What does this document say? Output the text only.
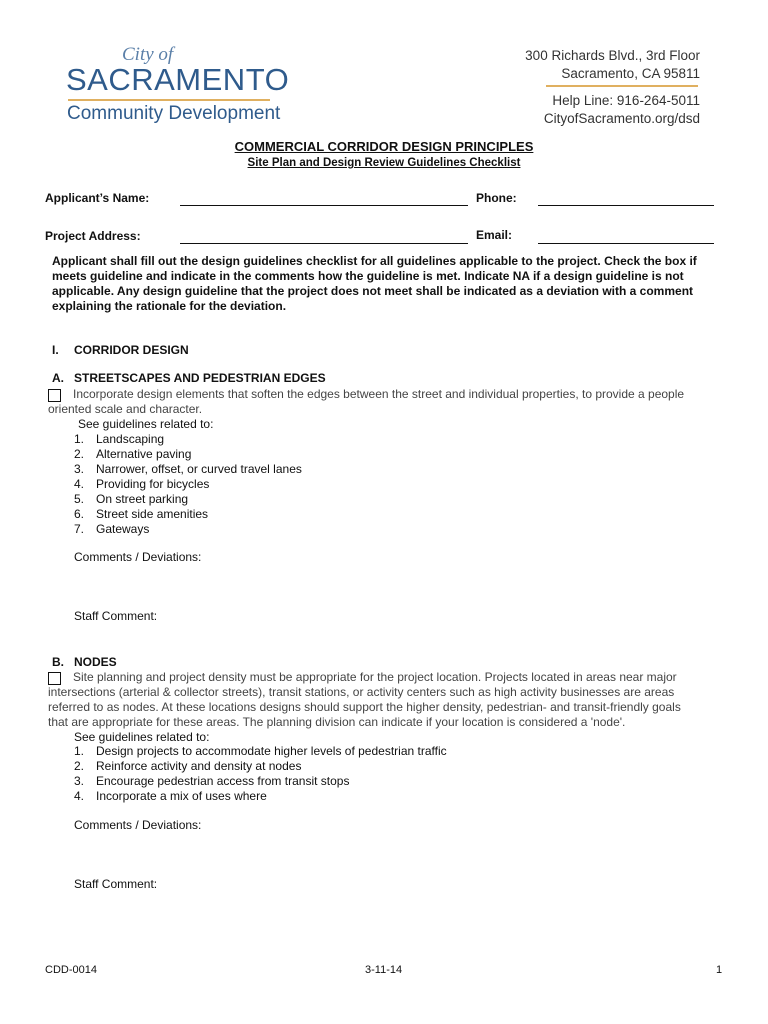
City of
SACRAMENTO
Community Development
300 Richards Blvd., 3rd Floor
Sacramento, CA 95811
Help Line: 916-264-5011
CityofSacramento.org/dsd
COMMERCIAL CORRIDOR DESIGN PRINCIPLES
Site Plan and Design Review Guidelines Checklist
Applicant’s Name:	Phone:
Project Address:	Email:
Applicant shall fill out the design guidelines checklist for all guidelines applicable to the project. Check the box if meets guideline and indicate in the comments how the guideline is met. Indicate NA if a design guideline is not applicable. Any design guideline that the project does not meet shall be indicated as a deviation with a comment explaining the rationale for the deviation.
I. CORRIDOR DESIGN
A. STREETSCAPES AND PEDESTRIAN EDGES
Incorporate design elements that soften the edges between the street and individual properties, to provide a people
oriented scale and character.
See guidelines related to:
1. Landscaping
2. Alternative paving
3. Narrower, offset, or curved travel lanes
4. Providing for bicycles
5. On street parking
6. Street side amenities
7. Gateways
Comments / Deviations:
Staff Comment:
B. NODES
Site planning and project density must be appropriate for the project location. Projects located in areas near major
intersections (arterial & collector streets), transit stations, or activity centers such as high activity businesses are areas
referred to as nodes. At these locations designs should support the higher density, pedestrian- and transit-friendly goals
that are appropriate for these areas. The planning division can indicate if your location is considered a 'node'.
See guidelines related to:
1. Design projects to accommodate higher levels of pedestrian traffic
2. Reinforce activity and density at nodes
3. Encourage pedestrian access from transit stops
4. Incorporate a mix of uses where
Comments / Deviations:
Staff Comment:
CDD-0014	3-11-14	1
